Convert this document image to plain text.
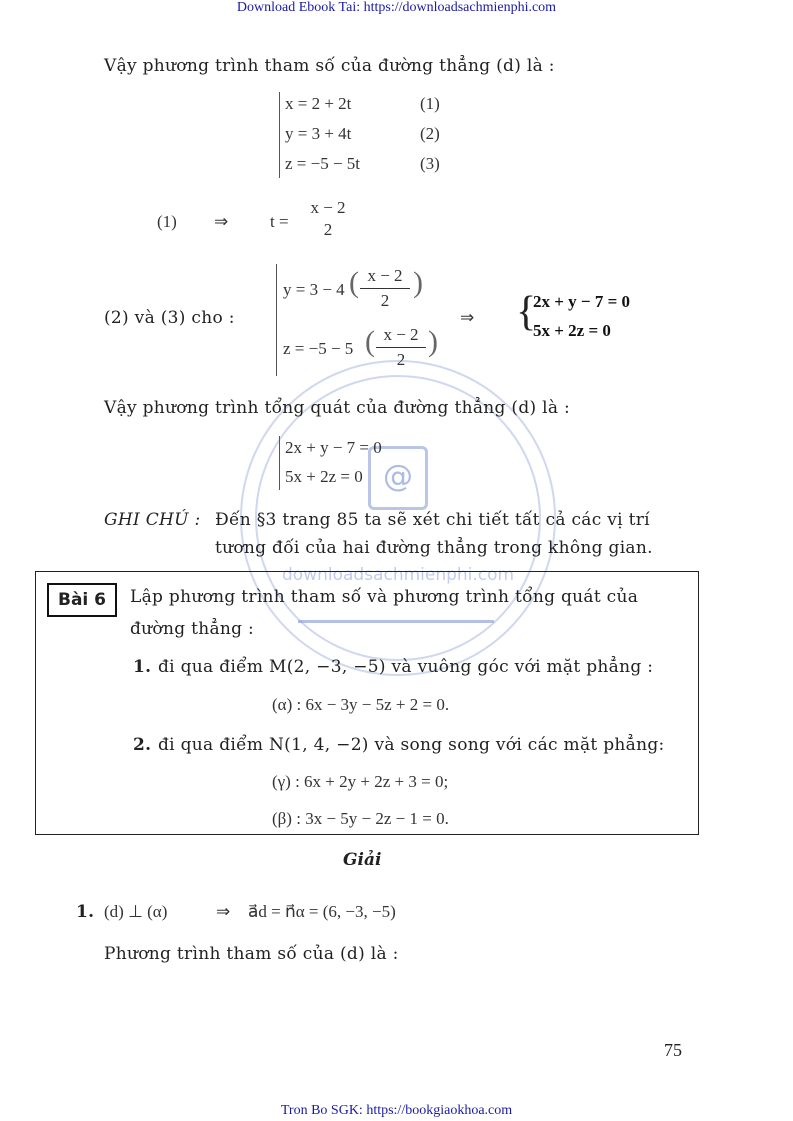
Download Ebook Tai: https://downloadsachmienphi.com
@
downloadsachmienphi.com
Vậy phương trình tham số của đường thẳng (d) là :
x = 2 + 2t	(1)
y = 3 + 4t	(2)
z = −5 − 5t	(3)
(1) ⇒ t =
x − 2
2
(2) và (3) cho :
y = 3 − 4 ( x − 2
2
)
z = −5 − 5 ( x − 2
2
)
⇒ {
2x + y − 7 = 0
5x + 2z = 0
Vậy phương trình tổng quát của đường thẳng (d) là :
2x + y − 7 = 0
5x + 2z = 0
GHI CHÚ : Đến §3 trang 85 ta sẽ xét chi tiết tất cả các vị trí
tương đối của hai đường thẳng trong không gian.
Bài 6	Lập phương trình tham số và phương trình tổng quát của
đường thẳng :
1. đi qua điểm M(2, −3, −5) và vuông góc với mặt phẳng :
(α) : 6x − 3y − 5z + 2 = 0.
2. đi qua điểm N(1, 4, −2) và song song với các mặt phẳng:
(γ) : 6x + 2y + 2z + 3 = 0;
(β) : 3x − 5y − 2z − 1 = 0.
Giải
1. (d) ⊥ (α)	⇒ a⃗d = n⃗α = (6, −3, −5)
Phương trình tham số của (d) là :
75
Tron Bo SGK: https://bookgiaokhoa.com
